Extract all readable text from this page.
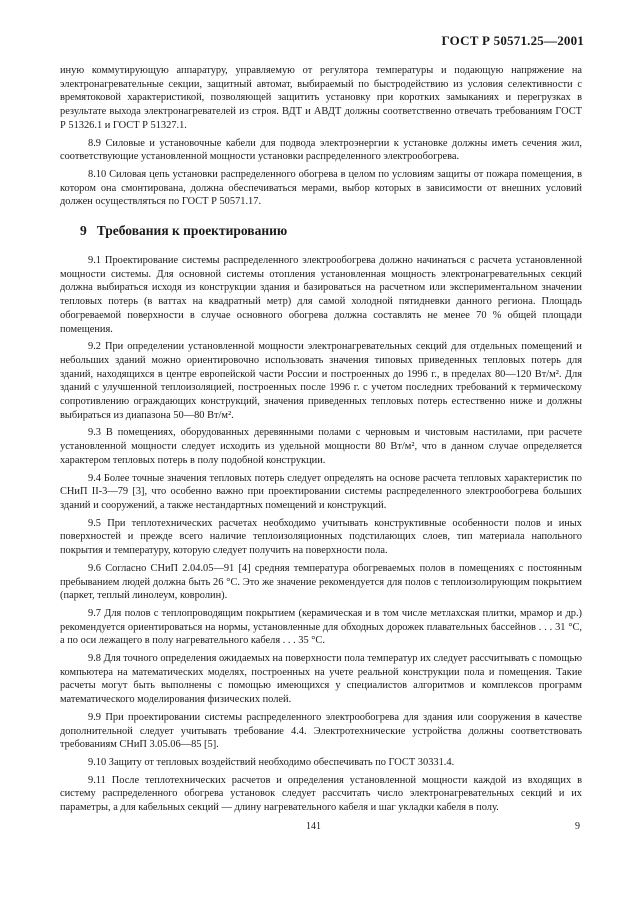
ГОСТ Р 50571.25—2001

иную коммутирующую аппаратуру, управляемую от регулятора температуры и подающую напряжение на электронагревательные секции, защитный автомат, выбираемый по быстродействию из условия селективности с времятоковой характеристикой, позволяющей защитить установку при коротких замыканиях и перегрузках в результате выхода электронагревателей из строя. ВДТ и АВДТ должны соответственно отвечать требованиям ГОСТ Р 51326.1 и ГОСТ Р 51327.1.

8.9 Силовые и установочные кабели для подвода электроэнергии к установке должны иметь сечения жил, соответствующие установленной мощности установки распределенного электрообогрева.

8.10 Силовая цепь установки распределенного обогрева в целом по условиям защиты от пожара помещения, в котором она смонтирована, должна обеспечиваться мерами, выбор которых в зависимости от внешних условий должен осуществляться по ГОСТ Р 50571.17.

9 Требования к проектированию

9.1 Проектирование системы распределенного электрообогрева должно начинаться с расчета установленной мощности системы. Для основной системы отопления установленная мощность электронагревательных секций должна выбираться исходя из конструкции здания и базироваться на расчетном или экспериментальном значении тепловых потерь (в ваттах на квадратный метр) для самой холодной пятидневки данного региона. Площадь обогреваемой поверхности в случае основного обогрева должна составлять не менее 70 % общей площади помещения.

9.2 При определении установленной мощности электронагревательных секций для отдельных помещений и небольших зданий можно ориентировочно использовать значения типовых приведенных тепловых потерь для зданий, находящихся в центре европейской части России и построенных до 1996 г., в пределах 80—120 Вт/м². Для зданий с улучшенной теплоизоляцией, построенных после 1996 г. с учетом последних требований к термическому сопротивлению ограждающих конструкций, значения приведенных тепловых потерь естественно ниже и должны выбираться из диапазона 50—80 Вт/м².

9.3 В помещениях, оборудованных деревянными полами с черновым и чистовым настилами, при расчете установленной мощности следует исходить из удельной мощности 80 Вт/м², что в данном случае определяется характером тепловых потерь в полу подобной конструкции.

9.4 Более точные значения тепловых потерь следует определять на основе расчета тепловых характеристик по СНиП II-3—79 [3], что особенно важно при проектировании системы распределенного электрообогрева больших зданий и сооружений, а также нестандартных помещений и конструкций.

9.5 При теплотехнических расчетах необходимо учитывать конструктивные особенности полов и иных поверхностей и прежде всего наличие теплоизоляционных подстилающих слоев, тип материала напольного покрытия и температуру, которую следует получить на поверхности пола.

9.6 Согласно СНиП 2.04.05—91 [4] средняя температура обогреваемых полов в помещениях с постоянным пребыванием людей должна быть 26 °С. Это же значение рекомендуется для полов с теплоизолирующим покрытием (паркет, теплый линолеум, ковролин).

9.7 Для полов с теплопроводящим покрытием (керамическая и в том числе метлахская плитки, мрамор и др.) рекомендуется ориентироваться на нормы, установленные для обходных дорожек плавательных бассейнов . . . 31 °С, а по оси лежащего в полу нагревательного кабеля . . . 35 °С.

9.8 Для точного определения ожидаемых на поверхности пола температур их следует рассчитывать с помощью компьютера на математических моделях, построенных на учете реальной конструкции пола и помещения. Такие расчеты могут быть выполнены с помощью имеющихся у специалистов алгоритмов и комплексов программ математического моделирования физических полей.

9.9 При проектировании системы распределенного электрообогрева для здания или сооружения в качестве дополнительной следует учитывать требование 4.4. Электротехнические устройства должны соответствовать требованиям СНиП 3.05.06—85 [5].

9.10 Защиту от тепловых воздействий необходимо обеспечивать по ГОСТ 30331.4.

9.11 После теплотехнических расчетов и определения установленной мощности каждой из входящих в систему распределенного обогрева установок следует рассчитать число электронагревательных секций и их параметры, а для кабельных секций — длину нагревательного кабеля и шаг укладки кабеля в полу.

141	9
